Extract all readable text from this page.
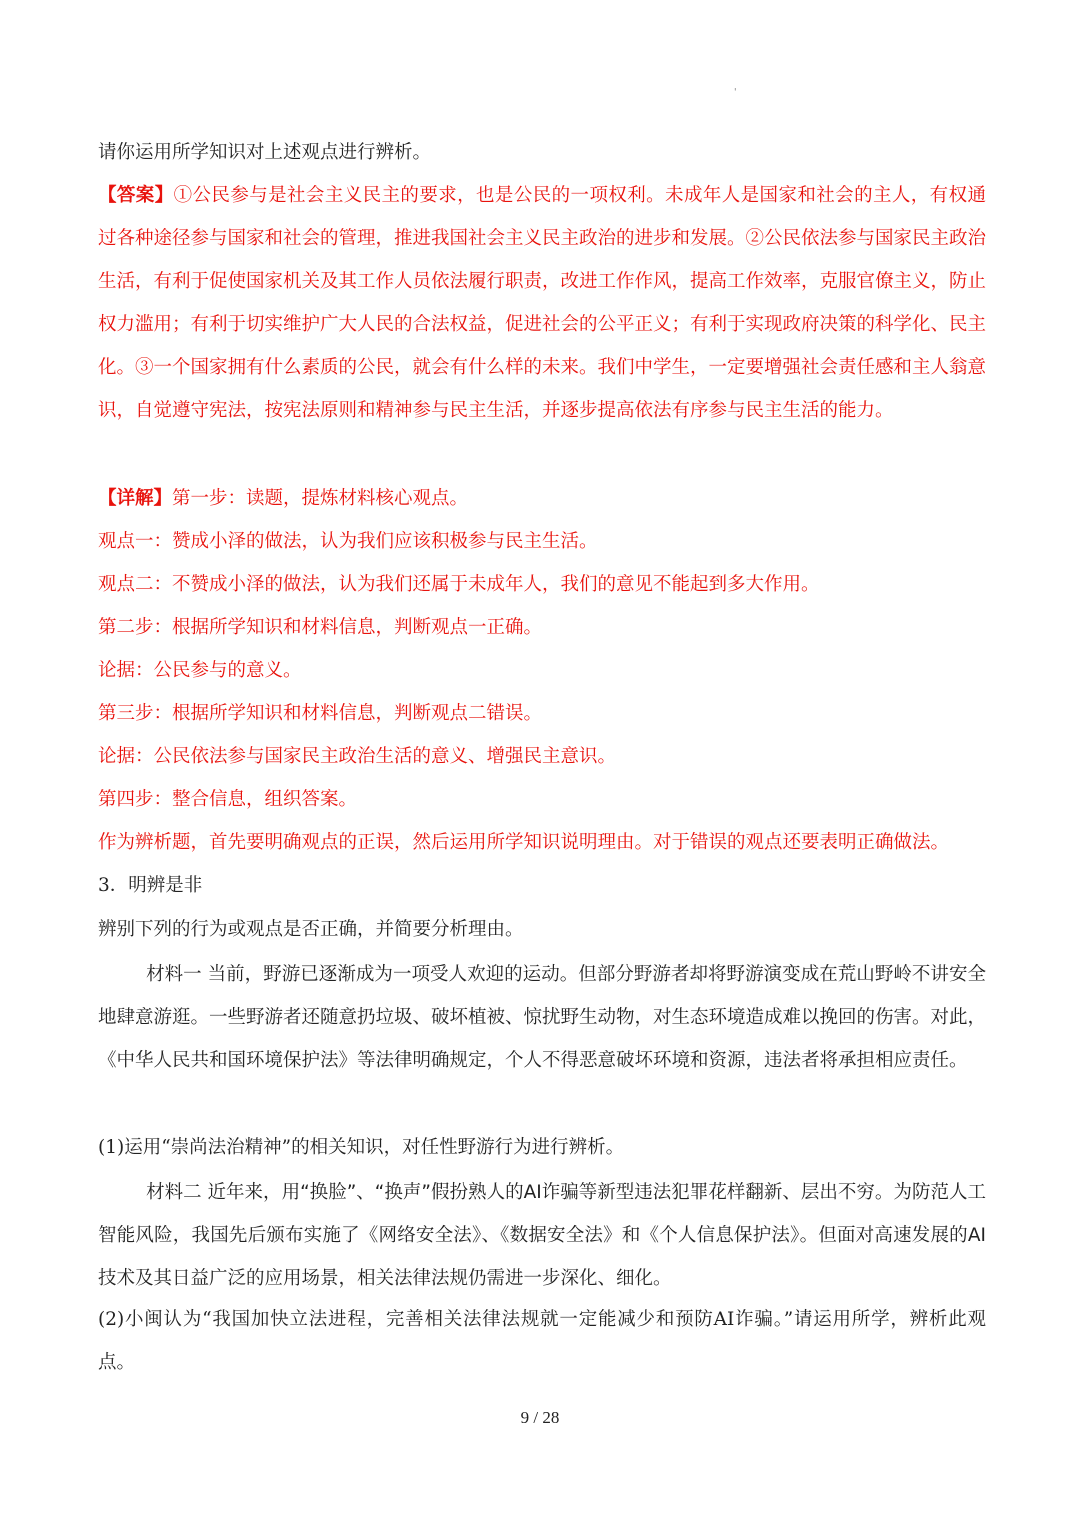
'

请你运用所学知识对上述观点进行辨析。

【答案】①公民参与是社会主义民主的要求，也是公民的一项权利。未成年人是国家和社会的主人，有权通过各种途径参与国家和社会的管理，推进我国社会主义民主政治的进步和发展。②公民依法参与国家民主政治生活，有利于促使国家机关及其工作人员依法履行职责，改进工作作风，提高工作效率，克服官僚主义，防止权力滥用；有利于切实维护广大人民的合法权益，促进社会的公平正义；有利于实现政府决策的科学化、民主化。③一个国家拥有什么素质的公民，就会有什么样的未来。我们中学生，一定要增强社会责任感和主人翁意识，自觉遵守宪法，按宪法原则和精神参与民主生活，并逐步提高依法有序参与民主生活的能力。

【详解】第一步：读题，提炼材料核心观点。

观点一：赞成小泽的做法，认为我们应该积极参与民主生活。

观点二：不赞成小泽的做法，认为我们还属于未成年人，我们的意见不能起到多大作用。

第二步：根据所学知识和材料信息，判断观点一正确。

论据：公民参与的意义。

第三步：根据所学知识和材料信息，判断观点二错误。

论据：公民依法参与国家民主政治生活的意义、增强民主意识。

第四步：整合信息，组织答案。

作为辨析题，首先要明确观点的正误，然后运用所学知识说明理由。对于错误的观点还要表明正确做法。

3．明辨是非

辨别下列的行为或观点是否正确，并简要分析理由。

材料一 当前，野游已逐渐成为一项受人欢迎的运动。但部分野游者却将野游演变成在荒山野岭不讲安全地肆意游逛。一些野游者还随意扔垃圾、破坏植被、惊扰野生动物，对生态环境造成难以挽回的伤害。对此，《中华人民共和国环境保护法》等法律明确规定，个人不得恶意破坏环境和资源，违法者将承担相应责任。

(1)运用“崇尚法治精神”的相关知识，对任性野游行为进行辨析。

材料二 近年来，用“换脸”、“换声”假扮熟人的AI诈骗等新型违法犯罪花样翻新、层出不穷。为防范人工智能风险，我国先后颁布实施了《网络安全法》、《数据安全法》和《个人信息保护法》。但面对高速发展的AI技术及其日益广泛的应用场景，相关法律法规仍需进一步深化、细化。

(2)小闽认为“我国加快立法进程，完善相关法律法规就一定能减少和预防AI诈骗。”请运用所学，辨析此观点。

9 / 28
